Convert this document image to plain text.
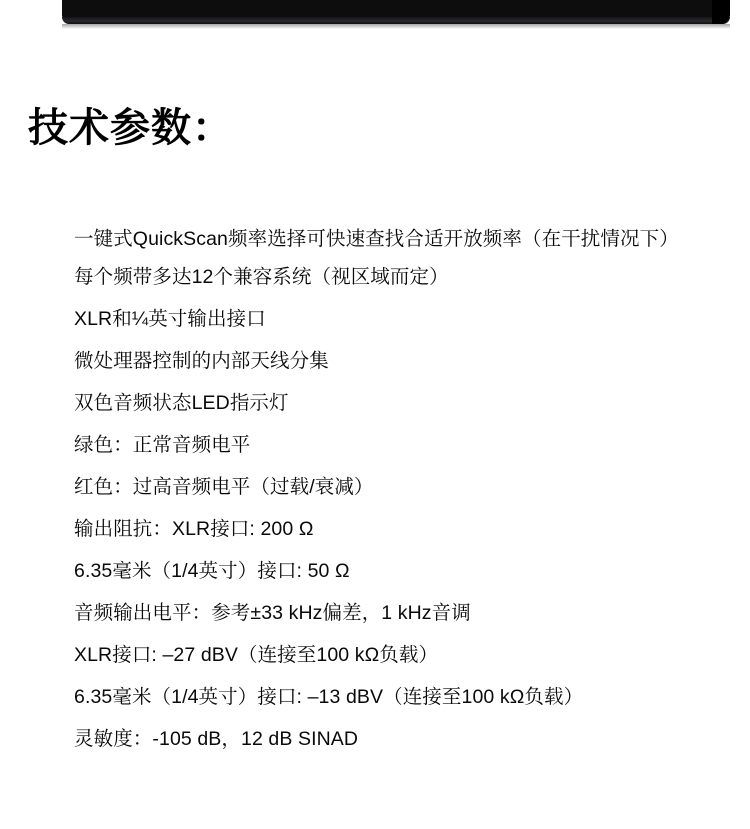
技术参数：
一键式QuickScan频率选择可快速查找合适开放频率（在干扰情况下）
每个频带多达12个兼容系统（视区域而定）
XLR和¼英寸输出接口
微处理器控制的内部天线分集
双色音频状态LED指示灯
绿色：正常音频电平
红色：过高音频电平（过载/衰减）
输出阻抗：XLR接口: 200 Ω
6.35毫米（1/4英寸）接口: 50 Ω
音频输出电平：参考±33 kHz偏差，1 kHz音调
XLR接口: –27 dBV（连接至100 kΩ负载）
6.35毫米（1/4英寸）接口: –13 dBV（连接至100 kΩ负载）
灵敏度：-105 dB，12 dB SINAD
